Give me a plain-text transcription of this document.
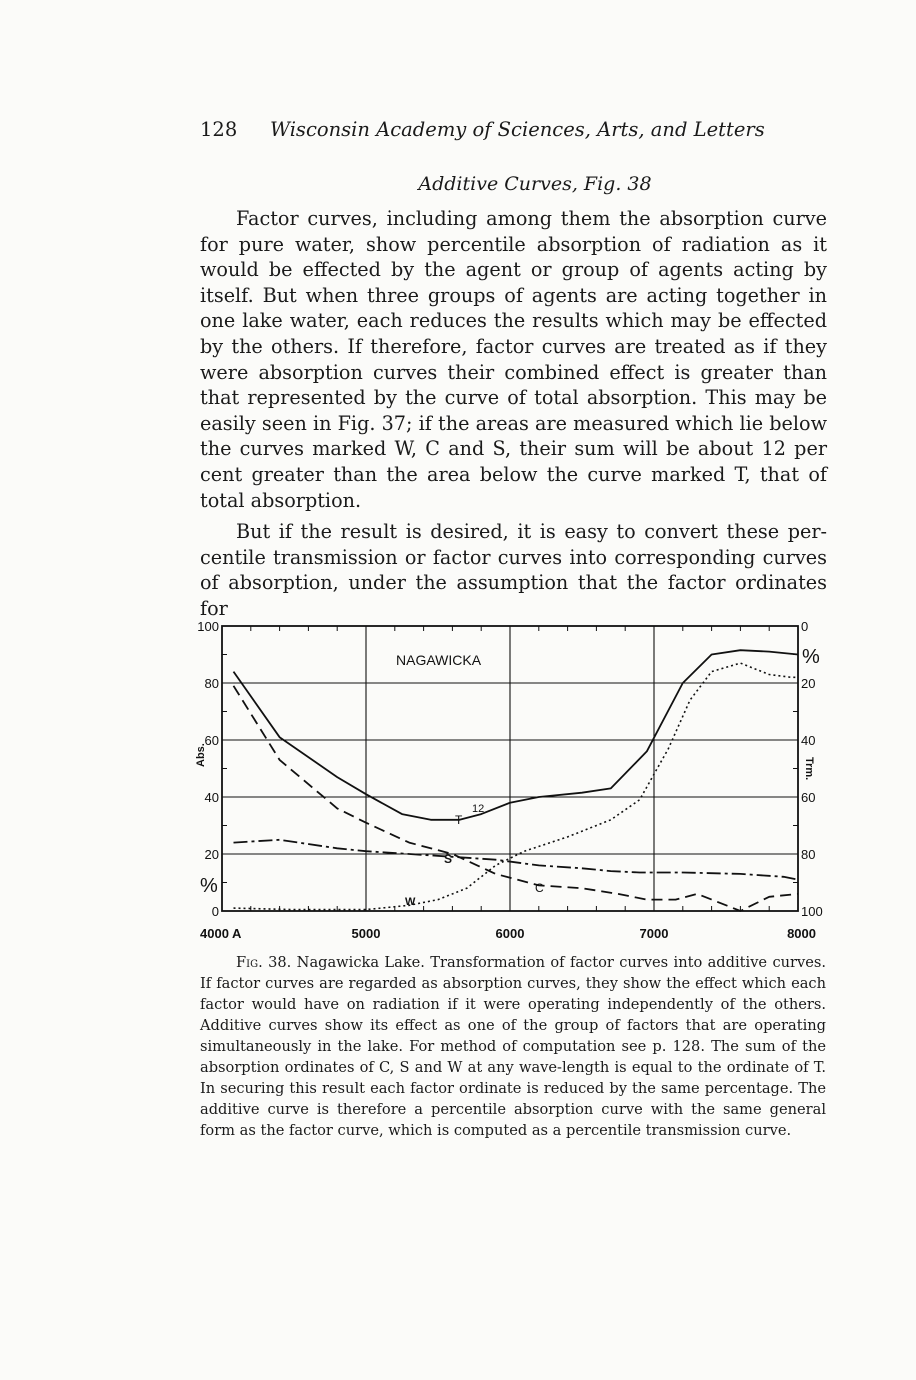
128 Wisconsin Academy of Sciences, Arts, and Letters
Additive Curves, Fig. 38

Factor curves, including among them the absorption curve for pure water, show percentile absorption of radiation as it would be effected by the agent or group of agents acting by itself. But when three groups of agents are acting together in one lake water, each reduces the results which may be effected by the others. If therefore, factor curves are treated as if they were absorption curves their combined effect is greater than that represented by the curve of total absorption. This may be easily seen in Fig. 37; if the areas are measured which lie below the curves marked W, C and S, their sum will be about 12 per cent greater than the area below the curve marked T, that of total absorption.

But if the result is desired, it is easy to convert these percentile transmission or factor curves into corresponding curves of absorption, under the assumption that the factor ordinates for

NAGAWICKA
Abs.
Trm.
%
%
T
12
S
W
C
100
80
60
40
20
0
0
20
40
60
80
100
4000 A	5000	6000	7000	8000

Fig. 38. Nagawicka Lake. Transformation of factor curves into additive curves. If factor curves are regarded as absorption curves, they show the effect which each factor would have on radiation if it were operating independently of the others. Additive curves show its effect as one of the group of factors that are operating simultaneously in the lake. For method of computation see p. 128. The sum of the absorption ordinates of C, S and W at any wave-length is equal to the ordinate of T. In securing this result each factor ordinate is reduced by the same percentage. The additive curve is therefore a percentile absorption curve with the same general form as the factor curve, which is computed as a percentile transmission curve.
